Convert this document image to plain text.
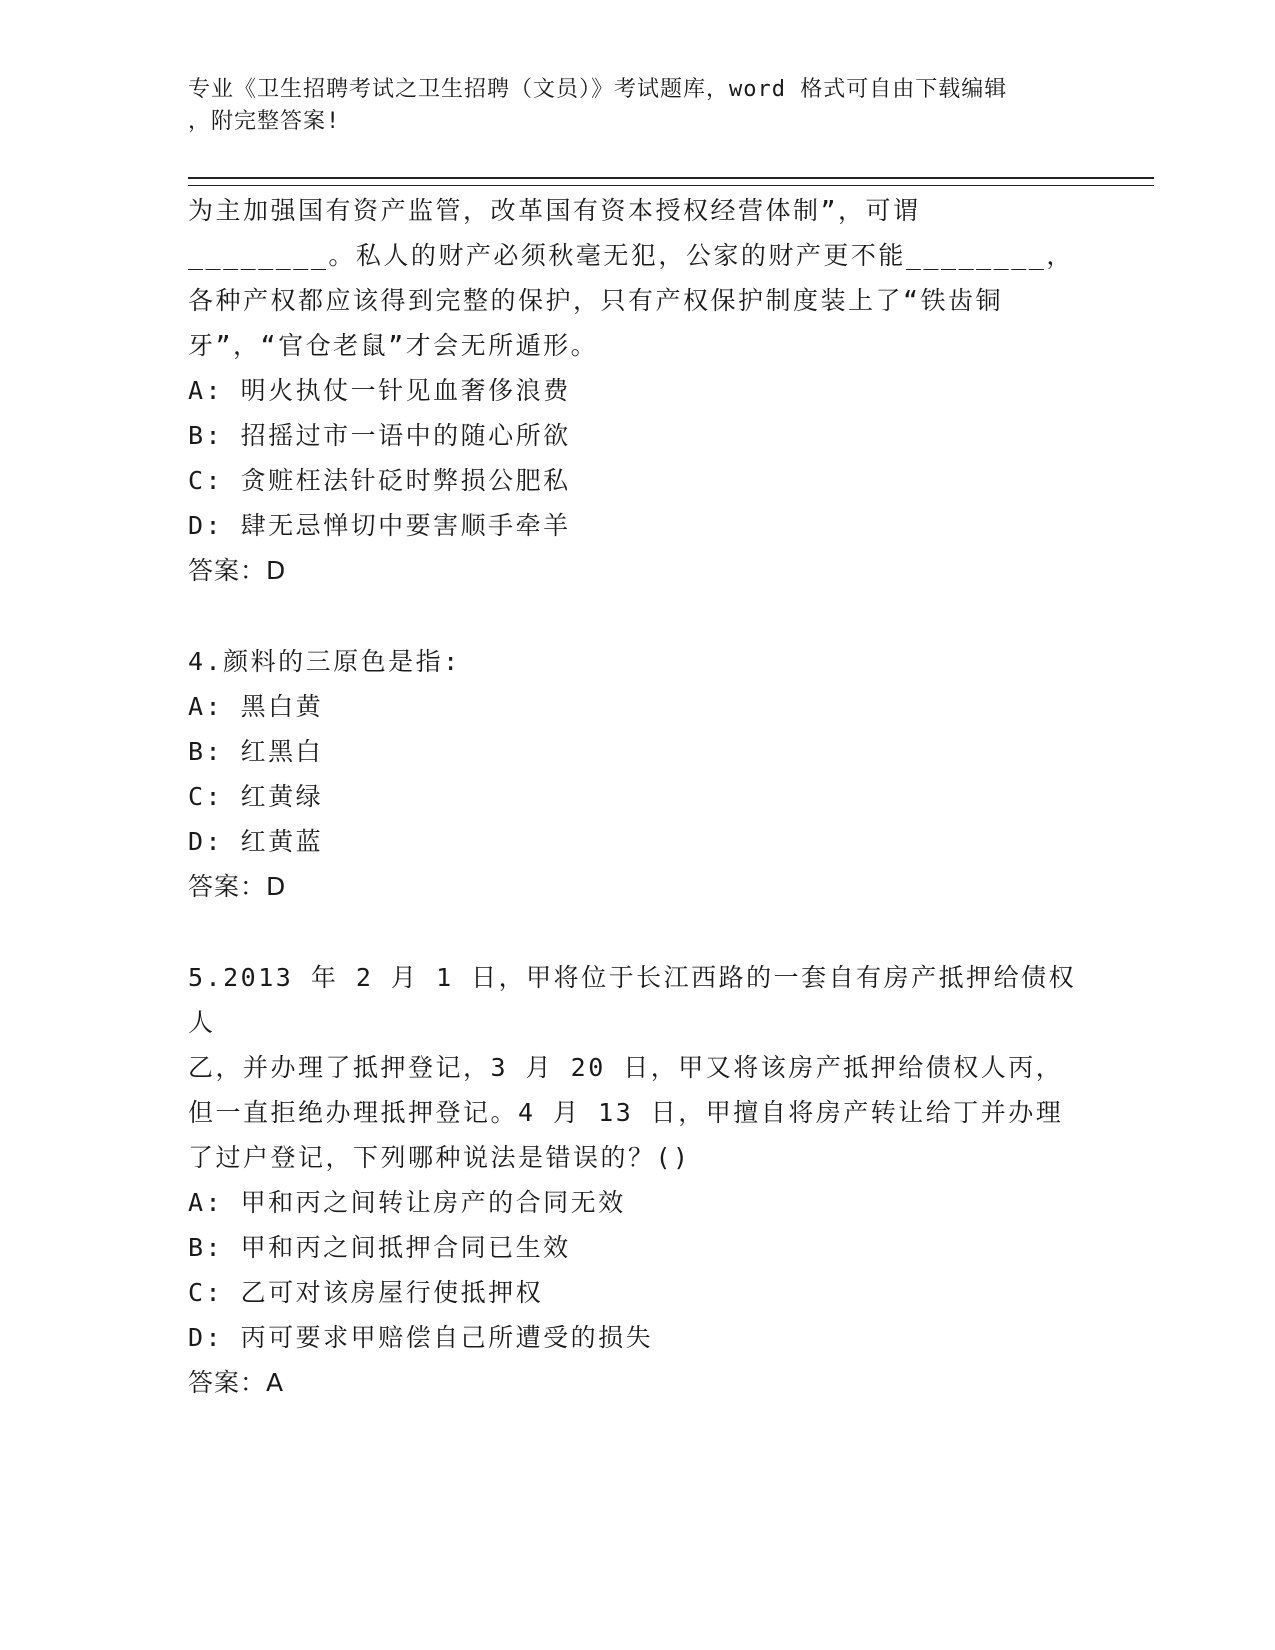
专业《卫生招聘考试之卫生招聘（文员）》考试题库，word 格式可自由下载编辑
，附完整答案!
为主加强国有资产监管，改革国有资本授权经营体制”，可谓
________。私人的财产必须秋毫无犯，公家的财产更不能________，
各种产权都应该得到完整的保护，只有产权保护制度装上了“铁齿铜
牙”，“官仓老鼠”才会无所遁形。
A: 明火执仗一针见血奢侈浪费
B: 招摇过市一语中的随心所欲
C: 贪赃枉法针砭时弊损公肥私
D: 肆无忌惮切中要害顺手牵羊
答案：D
4.颜料的三原色是指:
A: 黑白黄
B: 红黑白
C: 红黄绿
D: 红黄蓝
答案：D
5.2013 年 2 月 1 日，甲将位于长江西路的一套自有房产抵押给债权人
乙，并办理了抵押登记，3 月 20 日，甲又将该房产抵押给债权人丙，
但一直拒绝办理抵押登记。4 月 13 日，甲擅自将房产转让给丁并办理
了过户登记，下列哪种说法是错误的？()
A: 甲和丙之间转让房产的合同无效
B: 甲和丙之间抵押合同已生效
C: 乙可对该房屋行使抵押权
D: 丙可要求甲赔偿自己所遭受的损失
答案：A
